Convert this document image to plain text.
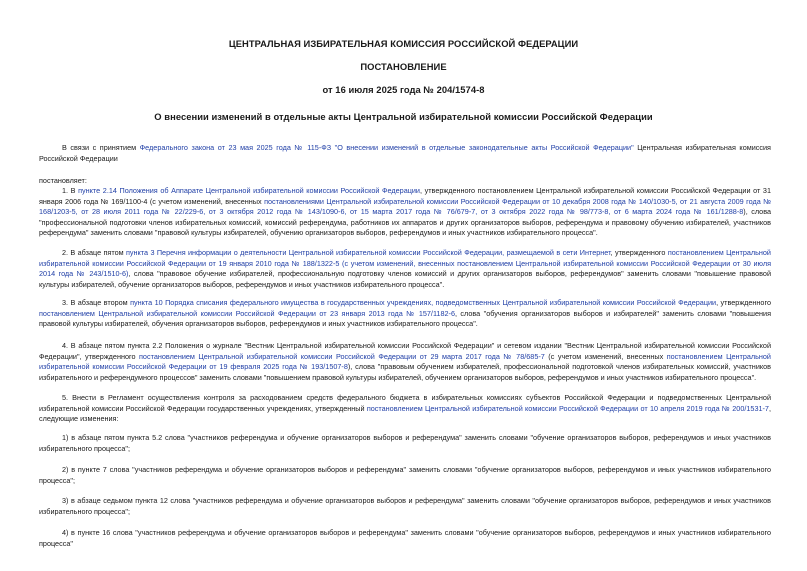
ЦЕНТРАЛЬНАЯ ИЗБИРАТЕЛЬНАЯ КОМИССИЯ РОССИЙСКОЙ ФЕДЕРАЦИИ
ПОСТАНОВЛЕНИЕ
от 16 июля 2025 года № 204/1574-8
О внесении изменений в отдельные акты Центральной избирательной комиссии Российской Федерации

В связи с принятием Федерального закона от 23 мая 2025 года № 115-ФЗ "О внесении изменений в отдельные законодательные акты Российской Федерации" Центральная избирательная комиссия Российской Федерации

постановляет:

1. В пункте 2.14 Положения об Аппарате Центральной избирательной комиссии Российской Федерации, утвержденного постановлением Центральной избирательной комиссии Российской Федерации от 31 января 2006 года № 169/1100-4 (с учетом изменений, внесенных постановлениями Центральной избирательной комиссии Российской Федерации от 10 декабря 2008 года № 140/1030-5, от 21 августа 2009 года № 168/1203-5, от 28 июля 2011 года № 22/229-6, от 3 октября 2012 года № 143/1090-6, от 15 марта 2017 года № 76/679-7, от 3 октября 2022 года № 98/773-8, от 6 марта 2024 года № 161/1288-8), слова "профессиональной подготовки членов избирательных комиссий, комиссий референдума, работников их аппаратов и других организаторов выборов, референдума и правовому обучению избирателей, участников референдума" заменить словами "правовой культуры избирателей, обучению организаторов выборов, референдумов и иных участников избирательного процесса".

2. В абзаце пятом пункта 3 Перечня информации о деятельности Центральной избирательной комиссии Российской Федерации, размещаемой в сети Интернет, утвержденного постановлением Центральной избирательной комиссии Российской Федерации от 19 января 2010 года № 188/1322-5 (с учетом изменений, внесенных постановлением Центральной избирательной комиссии Российской Федерации от 30 июля 2014 года № 243/1510-6), слова "правовое обучение избирателей, профессиональную подготовку членов комиссий и других организаторов выборов, референдумов" заменить словами "повышение правовой культуры избирателей, обучение организаторов выборов, референдумов и иных участников избирательного процесса".

3. В абзаце втором пункта 10 Порядка списания федерального имущества в государственных учреждениях, подведомственных Центральной избирательной комиссии Российской Федерации, утвержденного постановлением Центральной избирательной комиссии Российской Федерации от 23 января 2013 года № 157/1182-6, слова "обучения организаторов выборов и избирателей" заменить словами "повышения правовой культуры избирателей, обучения организаторов выборов, референдумов и иных участников избирательного процесса".

4. В абзаце пятом пункта 2.2 Положения о журнале "Вестник Центральной избирательной комиссии Российской Федерации" и сетевом издании "Вестник Центральной избирательной комиссии Российской Федерации", утвержденного постановлением Центральной избирательной комиссии Российской Федерации от 29 марта 2017 года № 78/685-7 (с учетом изменений, внесенных постановлением Центральной избирательной комиссии Российской Федерации от 19 февраля 2025 года № 193/1507-8), слова "правовым обучением избирателей, профессиональной подготовкой членов избирательных комиссий, участников избирательного и референдумного процессов" заменить словами "повышением правовой культуры избирателей, обучением организаторов выборов, референдумов и иных участников избирательного процесса".

5. Внести в Регламент осуществления контроля за расходованием средств федерального бюджета в избирательных комиссиях субъектов Российской Федерации и подведомственных Центральной избирательной комиссии Российской Федерации государственных учреждениях, утвержденный постановлением Центральной избирательной комиссии Российской Федерации от 10 апреля 2019 года № 200/1531-7, следующие изменения:

1) в абзаце пятом пункта 5.2 слова "участников референдума и обучение организаторов выборов и референдума" заменить словами "обучение организаторов выборов, референдумов и иных участников избирательного процесса";

2) в пункте 7 слова "участников референдума и обучение организаторов выборов и референдума" заменить словами "обучение организаторов выборов, референдумов и иных участников избирательного процесса";

3) в абзаце седьмом пункта 12 слова "участников референдума и обучение организаторов выборов и референдума" заменить словами "обучение организаторов выборов, референдумов и иных участников избирательного процесса";

4) в пункте 16 слова "участников референдума и обучение организаторов выборов и референдума" заменить словами "обучение организаторов выборов, референдумов и иных участников избирательного процесса"
